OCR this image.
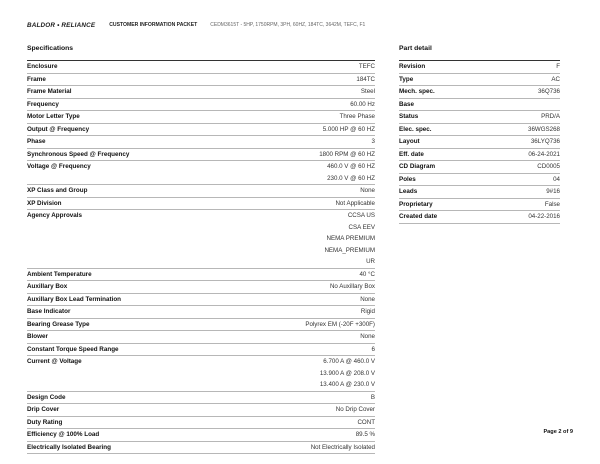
BALDOR • RELIANCE	CUSTOMER INFORMATION PACKET	CEDM3615T - 5HP, 1750RPM, 3PH, 60HZ, 184TC, 3642M, TEFC, F1
Specifications	Part detail
Enclosure	TEFC
Frame	184TC
Frame Material	Steel
Frequency	60.00 Hz
Motor Letter Type	Three Phase
Output @ Frequency	5.000 HP @ 60 HZ
Phase	3
Synchronous Speed @ Frequency	1800 RPM @ 60 HZ
Voltage @ Frequency	460.0 V @ 60 HZ
230.0 V @ 60 HZ
XP Class and Group	None
XP Division	Not Applicable
Agency Approvals	CCSA US
CSA EEV
NEMA PREMIUM
NEMA_PREMIUM
UR
Ambient Temperature	40 °C
Auxillary Box	No Auxillary Box
Auxillary Box Lead Termination	None
Base Indicator	Rigid
Bearing Grease Type	Polyrex EM (-20F +300F)
Blower	None
Constant Torque Speed Range	6
Current @ Voltage	6.700 A @ 460.0 V
13.900 A @ 208.0 V
13.400 A @ 230.0 V
Design Code	B
Drip Cover	No Drip Cover
Duty Rating	CONT
Efficiency @ 100% Load	89.5 %
Electrically Isolated Bearing	Not Electrically Isolated
Revision	F
Type	AC
Mech. spec.	36Q736
Base
Status	PRD/A
Elec. spec.	36WGS268
Layout	36LYQ736
Eff. date	06-24-2021
CD Diagram	CD0005
Poles	04
Leads	9#16
Proprietary	False
Created date	04-22-2016
Page 2 of 9
